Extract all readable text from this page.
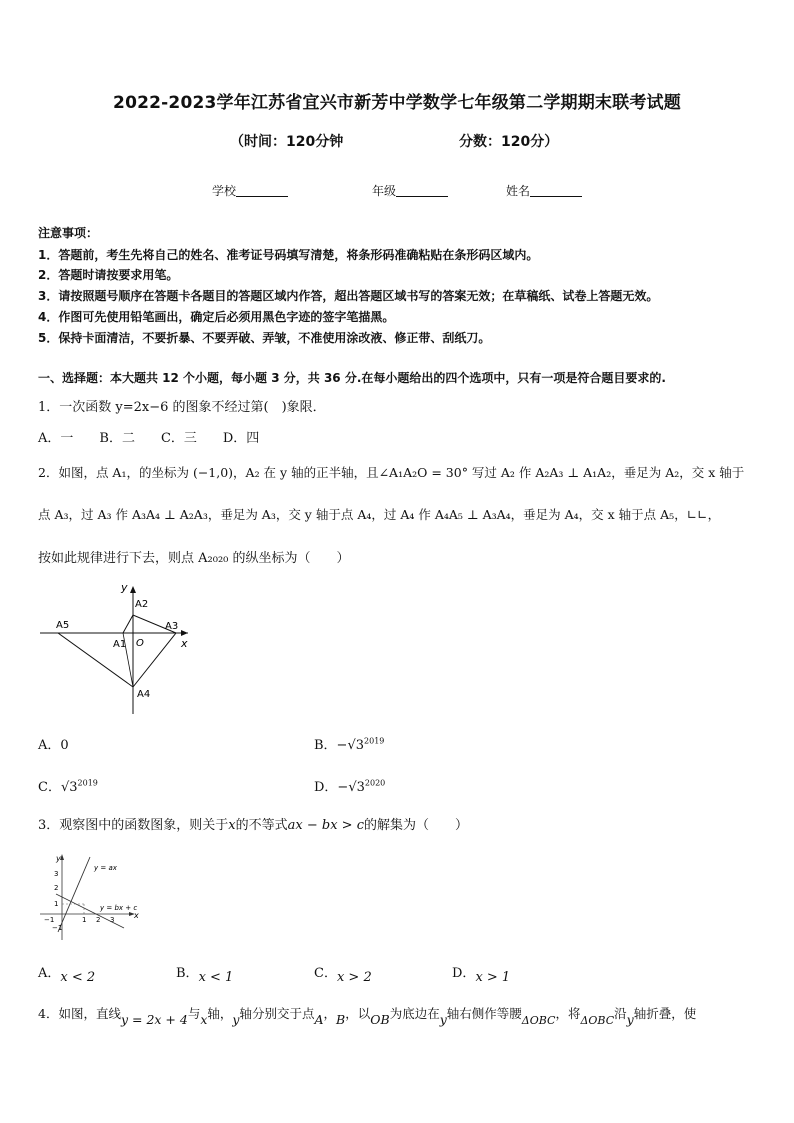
2022-2023学年江苏省宜兴市新芳中学数学七年级第二学期期末联考试题
（时间：120分钟	分数：120分）
学校	年级	姓名
注意事项：
1．答题前，考生先将自己的姓名、准考证号码填写清楚，将条形码准确粘贴在条形码区域内。
2．答题时请按要求用笔。
3．请按照题号顺序在答题卡各题目的答题区域内作答，超出答题区域书写的答案无效；在草稿纸、试卷上答题无效。
4．作图可先使用铅笔画出，确定后必须用黑色字迹的签字笔描黑。
5．保持卡面清洁，不要折暴、不要弄破、弄皱，不准使用涂改液、修正带、刮纸刀。
一、选择题：本大题共 12 个小题，每小题 3 分，共 36 分.在每小题给出的四个选项中，只有一项是符合题目要求的.
1．一次函数 y=2x−6 的图象不经过第(　)象限．
A．一　　B．二　　C．三　　D．四
2．如图，点 A₁，的坐标为 (−1,0)，A₂ 在 y 轴的正半轴，且∠A₁A₂O = 30° 写过 A₂ 作 A₂A₃ ⊥ A₁A₂，垂足为 A₂，交 x 轴于
点 A₃，过 A₃ 作 A₃A₄ ⊥ A₂A₃，垂足为 A₃，交 y 轴于点 A₄，过 A₄ 作 A₄A₅ ⊥ A₃A₄，垂足为 A₄，交 x 轴于点 A₅，∟∟，
按如此规律进行下去，则点 A₂₀₂₀ 的纵坐标为（　　）
y
x
O
A1
A2
A3
A4
A5
A．0	B．$-√3^{2019}$
C．$√3^{2019}$	D．$-√3^{2020}$
3．观察图中的函数图象，则关于x的不等式ax − bx > c的解集为（　　）
y = ax
y = bx + c
x
y
3
2
1
−1
−1	1 2 3
A．x < 2	B．x < 1	C．x > 2	D．x > 1
4．如图，直线y = 2x + 4与x轴，y轴分别交于点A，B，以OB为底边在y轴右侧作等腰ΔOBC，将ΔOBC沿y轴折叠，使
